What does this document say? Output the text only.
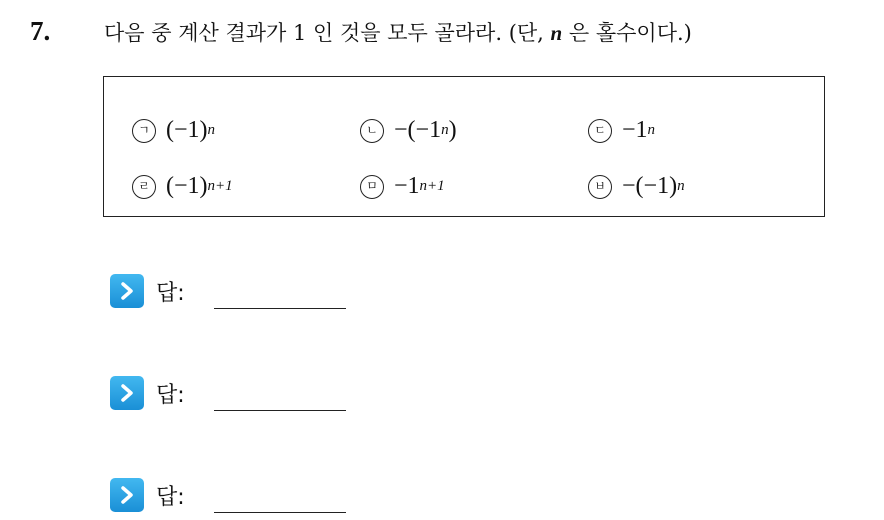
7.	다음 중 계산 결과가 1 인 것을 모두 골라라. (단, n 은 홀수이다.)
ㄱ (−1) n	ㄴ −(−1 n )	ㄷ −1 n
ㄹ (−1) n+1	ㅁ −1 n+1	ㅂ −(−1) n
답:
답:
답:
